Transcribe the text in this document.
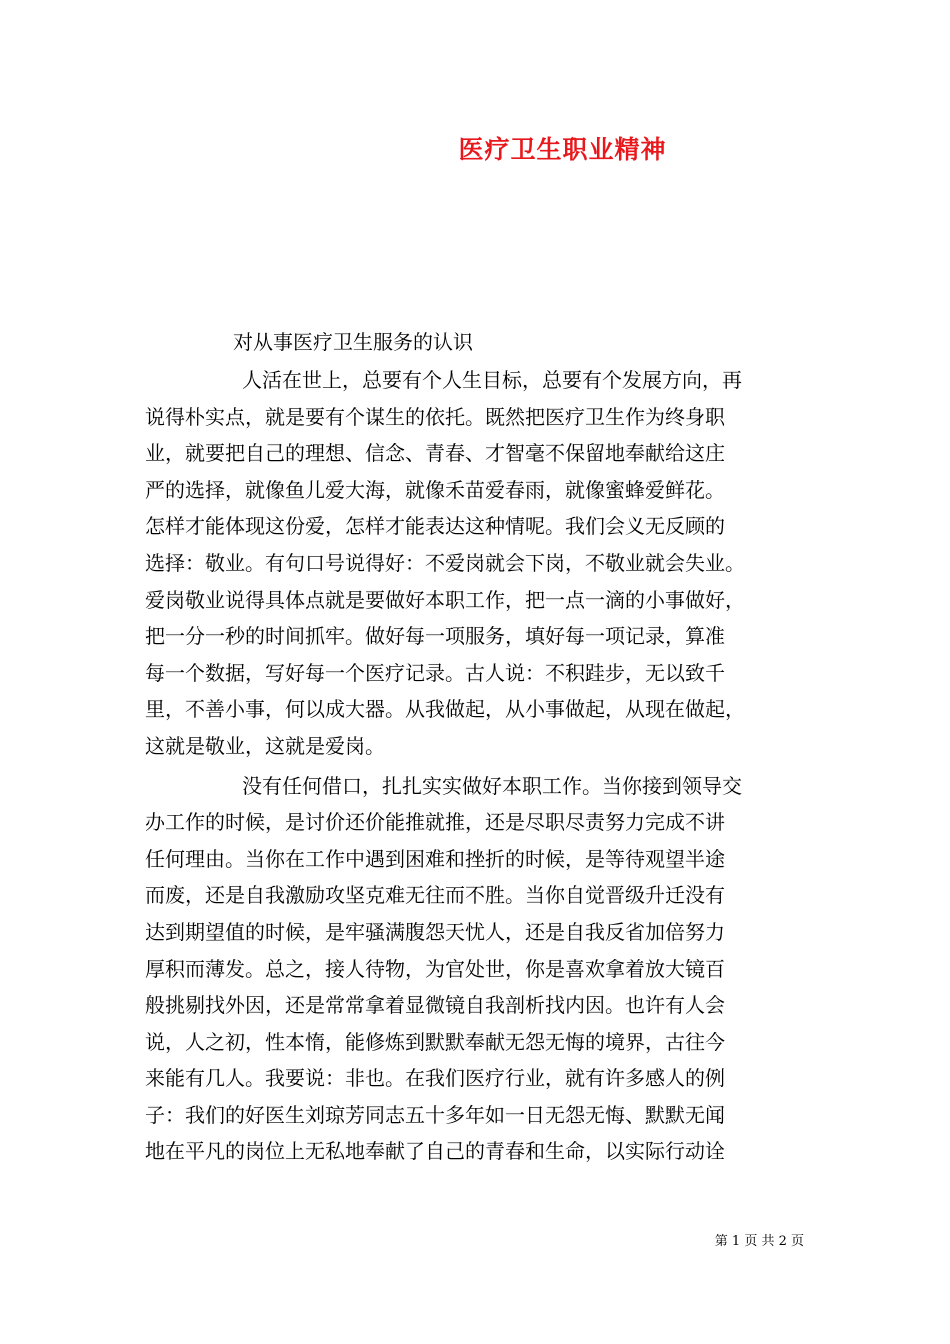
医疗卫生职业精神
对从事医疗卫生服务的认识
人活在世上，总要有个人生目标，总要有个发展方向，再
说得朴实点，就是要有个谋生的依托。既然把医疗卫生作为终身职
业，就要把自己的理想、信念、青春、才智毫不保留地奉献给这庄
严的选择，就像鱼儿爱大海，就像禾苗爱春雨，就像蜜蜂爱鲜花。
怎样才能体现这份爱，怎样才能表达这种情呢。我们会义无反顾的
选择：敬业。有句口号说得好：不爱岗就会下岗，不敬业就会失业。
爱岗敬业说得具体点就是要做好本职工作，把一点一滴的小事做好，
把一分一秒的时间抓牢。做好每一项服务，填好每一项记录，算准
每一个数据，写好每一个医疗记录。古人说：不积跬步，无以致千
里，不善小事，何以成大器。从我做起，从小事做起，从现在做起，
这就是敬业，这就是爱岗。
没有任何借口，扎扎实实做好本职工作。当你接到领导交
办工作的时候，是讨价还价能推就推，还是尽职尽责努力完成不讲
任何理由。当你在工作中遇到困难和挫折的时候，是等待观望半途
而废，还是自我激励攻坚克难无往而不胜。当你自觉晋级升迁没有
达到期望值的时候，是牢骚满腹怨天忧人，还是自我反省加倍努力
厚积而薄发。总之，接人待物，为官处世，你是喜欢拿着放大镜百
般挑剔找外因，还是常常拿着显微镜自我剖析找内因。也许有人会
说，人之初，性本惰，能修炼到默默奉献无怨无悔的境界，古往今
来能有几人。我要说：非也。在我们医疗行业，就有许多感人的例
子：我们的好医生刘琼芳同志五十多年如一日无怨无悔、默默无闻
地在平凡的岗位上无私地奉献了自己的青春和生命，以实际行动诠
第 1 页 共 2 页
